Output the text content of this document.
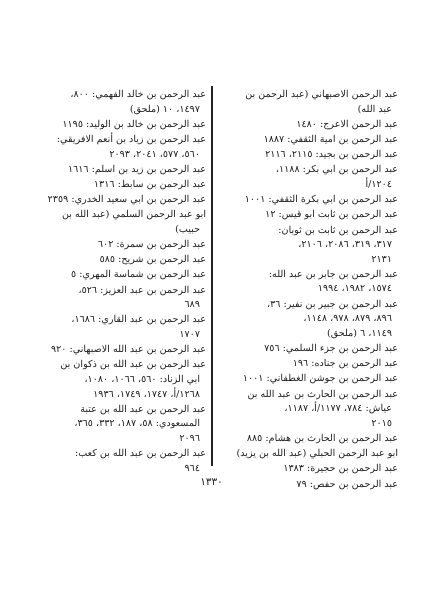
عبد الرحمن الاصبهاني (عبد الرحمن بن
عبد الله)
عبد الرحمن الاعرج: ١٤٨٠
عبد الرحمن بن امية الثقفي: ١٨٨٧
عبد الرحمن بن بجيد: ٢١١٥، ٢١١٦
عبد الرحمن بن ابي بكر: ١١٨٨،
١٢٠٤/أ
عبد الرحمن بن ابي بكرة الثقفي: ١٠٠١
عبد الرحمن بن ثابت ابو قيس: ١٢
عبد الرحمن بن ثابت بن ثوبان:
٣١٧، ٣١٩، ٢٠٨٦، ٢١٠٦،
٢١٣١
عبد الرحمن بن جابر بن عبد الله:
١٥٧٤، ١٩٨٢، ١٩٩٤
عبد الرحمن بن جبير بن نفير: ٣٦،
٨٩٦، ٨٧٩، ٩٧٨، ١١٤٨،
١١٤٩، ٦ (ملحق)
عبد الرحمن بن جزء السلمي: ٧٥٦
عبد الرحمن بن جناده: ١٩٦
عبد الرحمن بن جوشن الغطفاني: ١٠٠١
عبد الرحمن بن الحارث بن عبد الله بن
عياش: ٧٨٤، ١١٧٧/أ، ١١٨٧،
٢٠١٥
عبد الرحمن بن الحارث بن هشام: ٨٨٥
ابو عبد الرحمن الحبلي (عبد الله بن يزيد)
عبد الرحمن بن حجيرة: ١٣٨٣
عبد الرحمن بن حفص: ٧٩
عبد الرحمن بن خالد الفهمي: ٨٠٠،
١٤٩٧، ١٠ (ملحق)
عبد الرحمن بن خالد بن الوليد: ١١٩٥
عبد الرحمن بن زياد بن أنعم الافريقي:
٥٦٠، ٥٧٧، ٢٠٤١، ٢٠٩٣
عبد الرحمن بن زيد بن اسلم: ١٦١٦
عبد الرحمن بن سابط: ١٣١٦
عبد الرحمن بن ابي سعيد الخدري: ٢٣٥٩
ابو عبد الرحمن السلمي (عبد الله بن
حبيب)
عبد الرحمن بن سمرة: ٦٠٢
عبد الرحمن بن شريح: ٥٨٥
عبد الرحمن بن شماسة المهري: ٥
عبد الرحمن بن عبد العزيز: ٥٢٦،
٦٨٩
عبد الرحمن بن عبد القاري: ١٦٨٦،
١٧٠٧
عبد الرحمن بن عبد الله الاصبهاني: ٩٢٠
عبد الرحمن بن عبد الله بن ذكوان بن
ابي الزناد: ٥٦٠، ١٠٦٦، ١٠٨٠،
١٢٦٨/أ، ١٧٤٧، ١٧٤٩، ١٩٣٦
عبد الرحمن بن عبد الله بن عتبة
المسعودي: ٥٨، ١٨٧، ٣٣٢، ٣٦٥،
٢٠٩٦
عبد الرحمن بن عبد الله بن كعب:
٩٦٤
١٣٣٠
